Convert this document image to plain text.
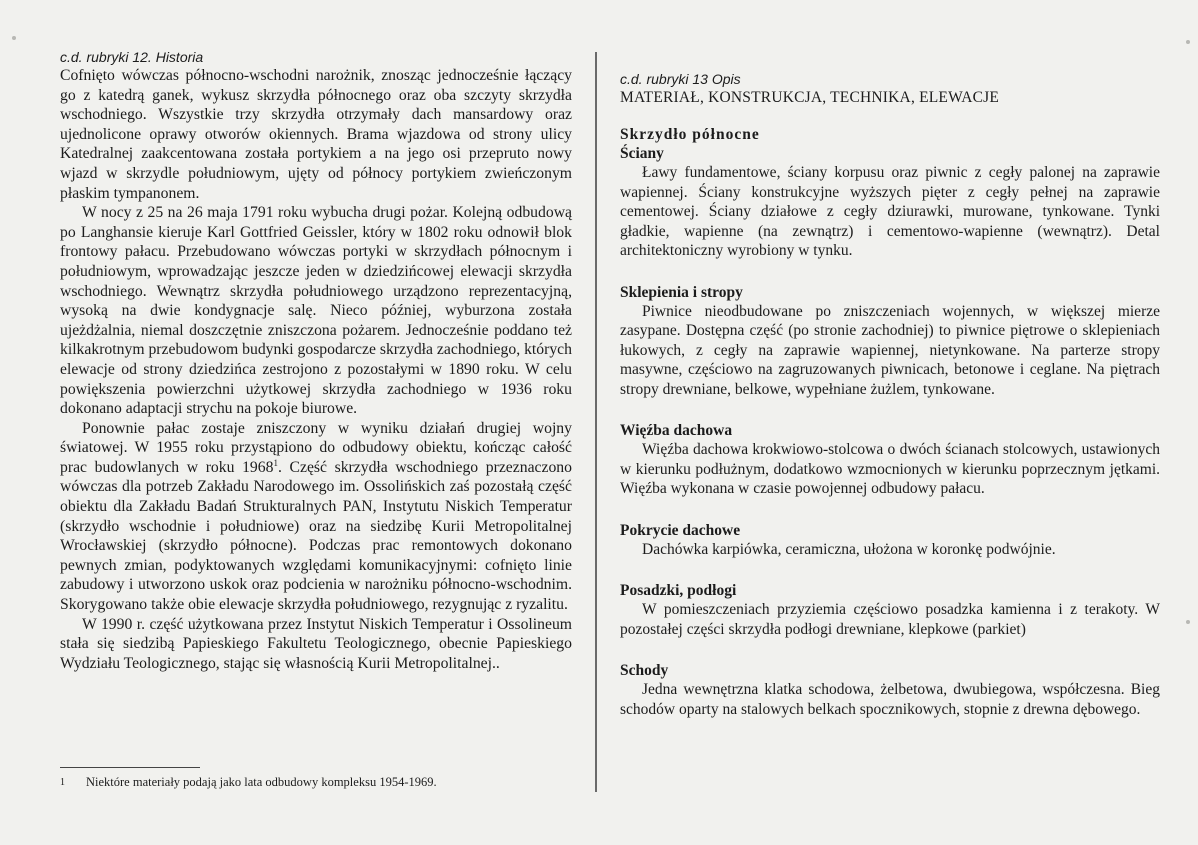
c.d. rubryki 12. Historia

Cofnięto wówczas północno-wschodni narożnik, znosząc jednocześnie łączący go z katedrą ganek, wykusz skrzydła północnego oraz oba szczyty skrzydła wschodniego. Wszystkie trzy skrzydła otrzymały dach mansardowy oraz ujednolicone oprawy otworów okiennych. Brama wjazdowa od strony ulicy Katedralnej zaakcentowana została portykiem a na jego osi przeprutо nowy wjazd w skrzydle południowym, ujęty od północy portykiem zwieńczonym płaskim tympanonem.

W nocy z 25 na 26 maja 1791 roku wybucha drugi pożar. Kolejną odbudową po Langhansie kieruje Karl Gottfried Geissler, który w 1802 roku odnowił blok frontowy pałacu. Przebudowano wówczas portyki w skrzydłach północnym i południowym, wprowadzając jeszcze jeden w dziedzińcowej elewacji skrzydła wschodniego. Wewnątrz skrzydła południowego urządzono reprezentacyjną, wysoką na dwie kondygnacje salę. Nieco później, wyburzona została ujeżdżalnia, niemal doszczętnie zniszczona pożarem. Jednocześnie poddano też kilkakrotnym przebudowom budynki gospodarcze skrzydła zachodniego, których elewacje od strony dziedzińca zestrojono z pozostałymi w 1890 roku. W celu powiększenia powierzchni użytkowej skrzydła zachodniego w 1936 roku dokonano adaptacji strychu na pokoje biurowe.

Ponownie pałac zostaje zniszczony w wyniku działań drugiej wojny światowej. W 1955 roku przystąpiono do odbudowy obiektu, kończąc całość prac budowlanych w roku 1968$^1$. Część skrzydła wschodniego przeznaczono wówczas dla potrzeb Zakładu Narodowego im. Ossolińskich zaś pozostałą część obiektu dla Zakładu Badań Strukturalnych PAN, Instytutu Niskich Temperatur (skrzydło wschodnie i południowe) oraz na siedzibę Kurii Metropolitalnej Wrocławskiej (skrzydło północne). Podczas prac remontowych dokonano pewnych zmian, podyktowanych względami komunikacyjnymi: cofnięto linie zabudowy i utworzono uskok oraz podcienia w narożniku północno-wschodnim. Skorygowano także obie elewacje skrzydła południowego, rezygnując z ryzalitu.

W 1990 r. część użytkowana przez Instytut Niskich Temperatur i Ossolineum stała się siedzibą Papieskiego Fakultetu Teologicznego, obecnie Papieskiego Wydziału Teologicznego, stając się własnością Kurii Metropolitalnej..

1 Niektóre materiały podają jako lata odbudowy kompleksu 1954-1969.

c.d. rubryki 13 Opis

MATERIAŁ, KONSTRUKCJA, TECHNIKA, ELEWACJE

Skrzydło północne

Ściany

Ławy fundamentowe, ściany korpusu oraz piwnic z cegły palonej na zaprawie wapiennej. Ściany konstrukcyjne wyższych pięter z cegły pełnej na zaprawie cementowej. Ściany działowe z cegły dziurawki, murowane, tynkowane. Tynki gładkie, wapienne (na zewnątrz) i cementowo-wapienne (wewnątrz). Detal architektoniczny wyrobiony w tynku.

Sklepienia i stropy

Piwnice nieodbudowane po zniszczeniach wojennych, w większej mierze zasypane. Dostępna część (po stronie zachodniej) to piwnice piętrowe o sklepieniach łukowych, z cegły na zaprawie wapiennej, nietynkowane. Na parterze stropy masywne, częściowo na zagruzowanych piwnicach, betonowe i ceglane. Na piętrach stropy drewniane, belkowe, wypełniane żużlem, tynkowane.

Więźba dachowa

Więźba dachowa krokwiowo-stolcowa o dwóch ścianach stolcowych, ustawionych w kierunku podłużnym, dodatkowo wzmocnionych w kierunku poprzecznym jętkami. Więźba wykonana w czasie powojennej odbudowy pałacu.

Pokrycie dachowe

Dachówka karpiówka, ceramiczna, ułożona w koronkę podwójnie.

Posadzki, podłogi

W pomieszczeniach przyziemia częściowo posadzka kamienna i z terakoty. W pozostałej części skrzydła podłogi drewniane, klepkowe (parkiet)

Schody

Jedna wewnętrzna klatka schodowa, żelbetowa, dwubiegowa, współczesna. Bieg schodów oparty na stalowych belkach spocznikowych, stopnie z drewna dębowego.
